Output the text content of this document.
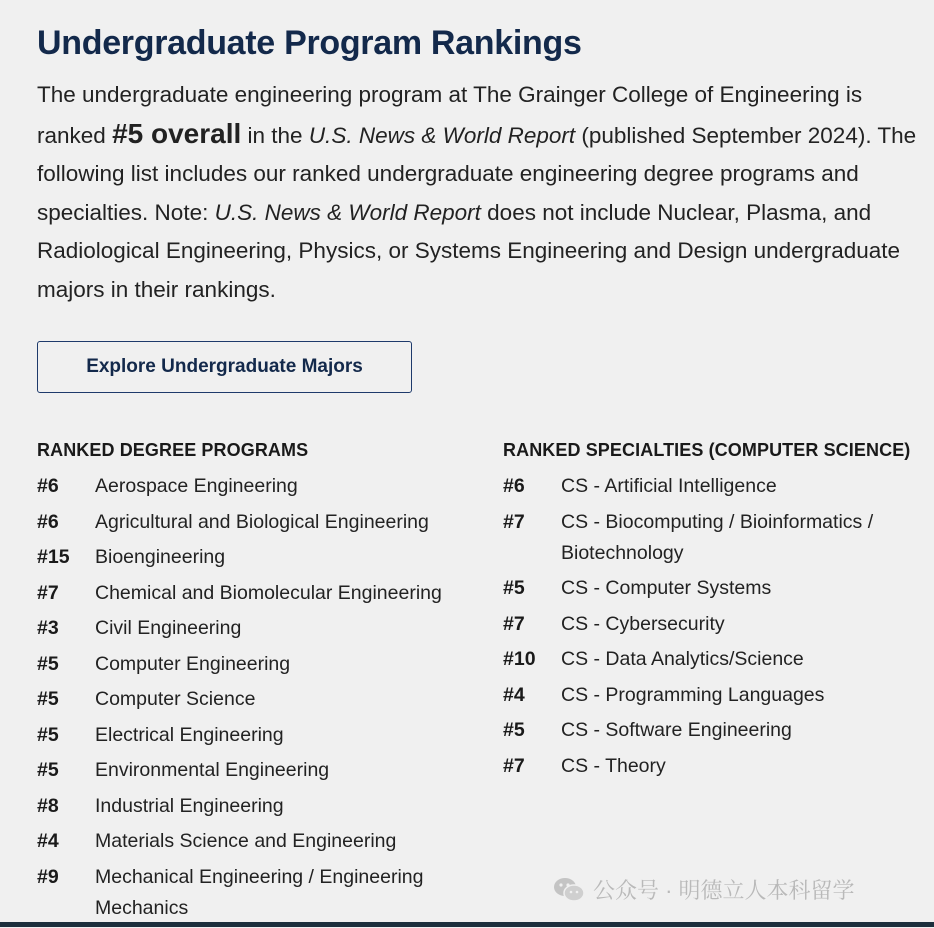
Undergraduate Program Rankings

The undergraduate engineering program at The Grainger College of Engineering is ranked #5 overall in the U.S. News & World Report (published September 2024). The following list includes our ranked undergraduate engineering degree programs and specialties. Note: U.S. News & World Report does not include Nuclear, Plasma, and Radiological Engineering, Physics, or Systems Engineering and Design undergraduate majors in their rankings.

Explore Undergraduate Majors
RANKED DEGREE PROGRAMS
#6	Aerospace Engineering
#6	Agricultural and Biological Engineering
#15	Bioengineering
#7	Chemical and Biomolecular Engineering
#3	Civil Engineering
#5	Computer Engineering
#5	Computer Science
#5	Electrical Engineering
#5	Environmental Engineering
#8	Industrial Engineering
#4	Materials Science and Engineering
#9	Mechanical Engineering / Engineering Mechanics
RANKED SPECIALTIES (COMPUTER SCIENCE)
#6	CS - Artificial Intelligence
#7	CS - Biocomputing / Bioinformatics / Biotechnology
#5	CS - Computer Systems
#7	CS - Cybersecurity
#10	CS - Data Analytics/Science
#4	CS - Programming Languages
#5	CS - Software Engineering
#7	CS - Theory
公众号 · 明德立人本科留学
